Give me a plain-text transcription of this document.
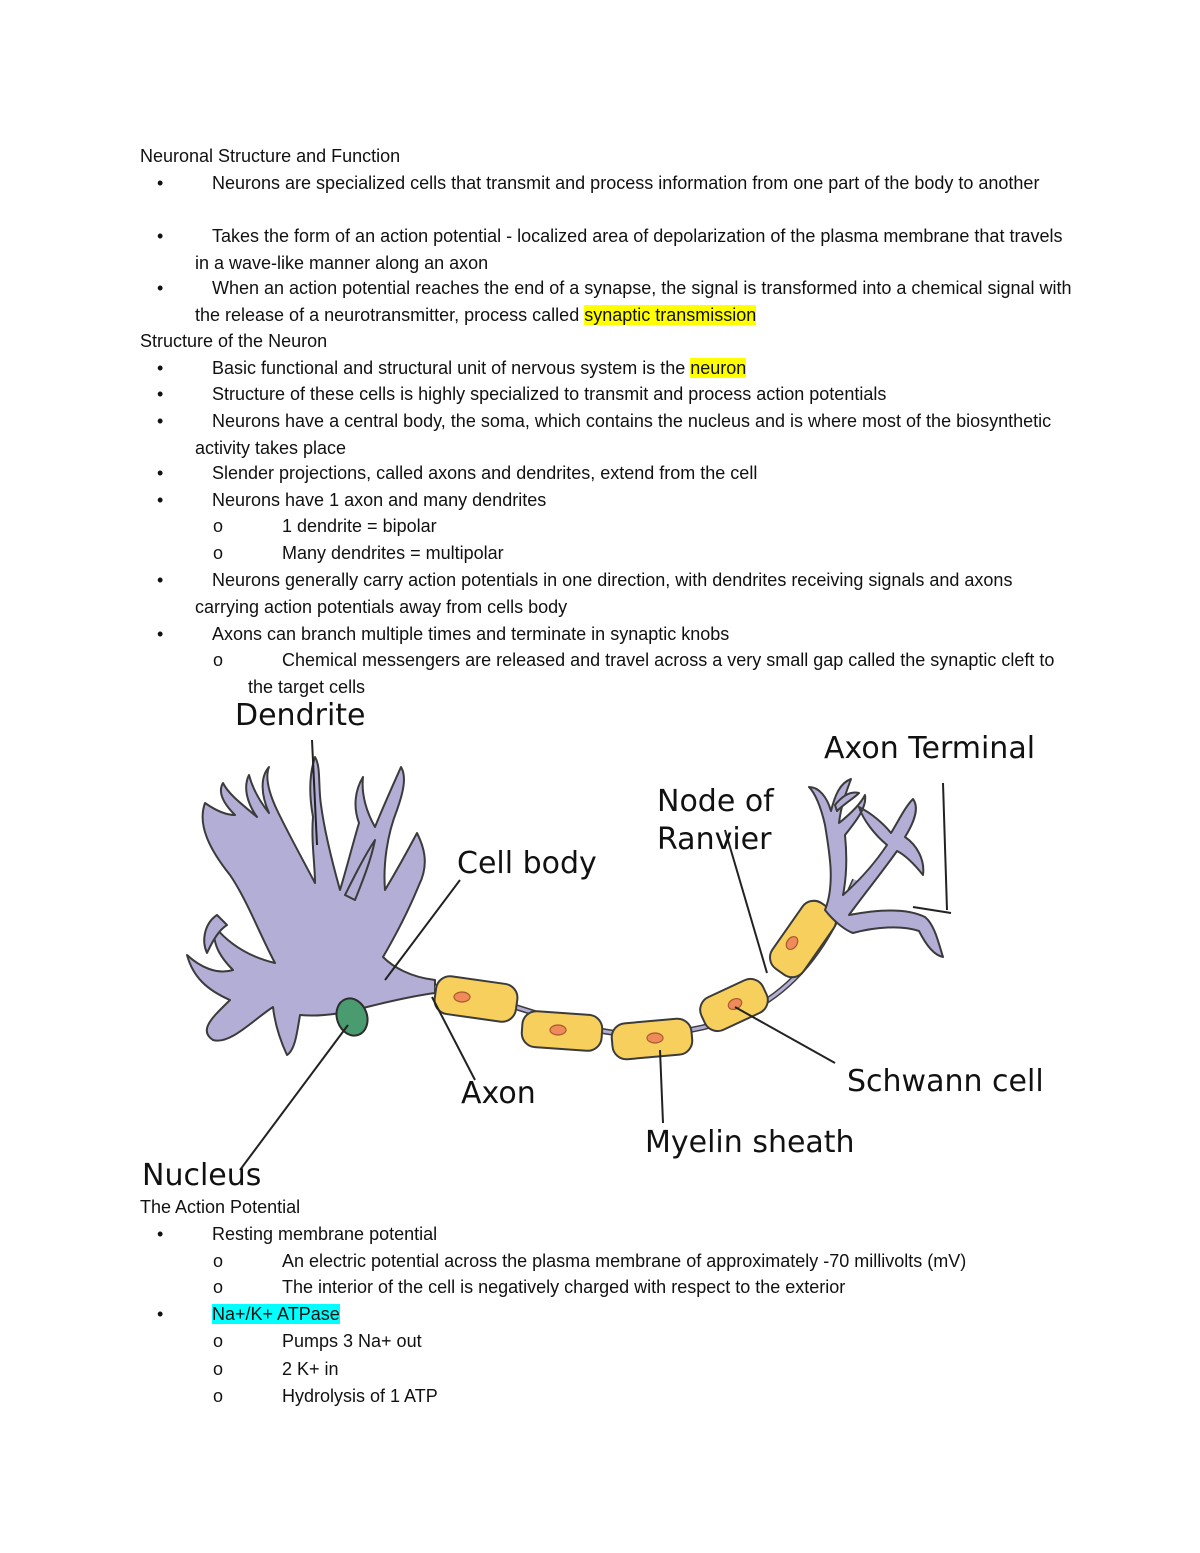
Neuronal Structure and Function
•	Neurons are specialized cells that transmit and process information from one part of the body to another
•	Takes the form of an action potential - localized area of depolarization of the plasma membrane that travels in a wave-like manner along an axon
•	When an action potential reaches the end of a synapse, the signal is transformed into a chemical signal with the release of a neurotransmitter, process called synaptic transmission
Structure of the Neuron
•	Basic functional and structural unit of nervous system is the neuron
•	Structure of these cells is highly specialized to transmit and process action potentials
•	Neurons have a central body, the soma, which contains the nucleus and is where most of the biosynthetic activity takes place
•	Slender projections, called axons and dendrites, extend from the cell
•	Neurons have 1 axon and many dendrites
o	1 dendrite = bipolar
o	Many dendrites = multipolar
•	Neurons generally carry action potentials in one direction, with dendrites receiving signals and axons carrying action potentials away from cells body
•	Axons can branch multiple times and terminate in synaptic knobs
o	Chemical messengers are released and travel across a very small gap called the synaptic cleft to the target cells
Dendrite
Cell body
Node of
Ranvier
Axon Terminal
Axon	Schwann cell
Myelin sheath
Nucleus
The Action Potential
•	Resting membrane potential
o	An electric potential across the plasma membrane of approximately -70 millivolts (mV)
o	The interior of the cell is negatively charged with respect to the exterior
•	Na+/K+ ATPase
o	Pumps 3 Na+ out
o	2 K+ in
o	Hydrolysis of 1 ATP
